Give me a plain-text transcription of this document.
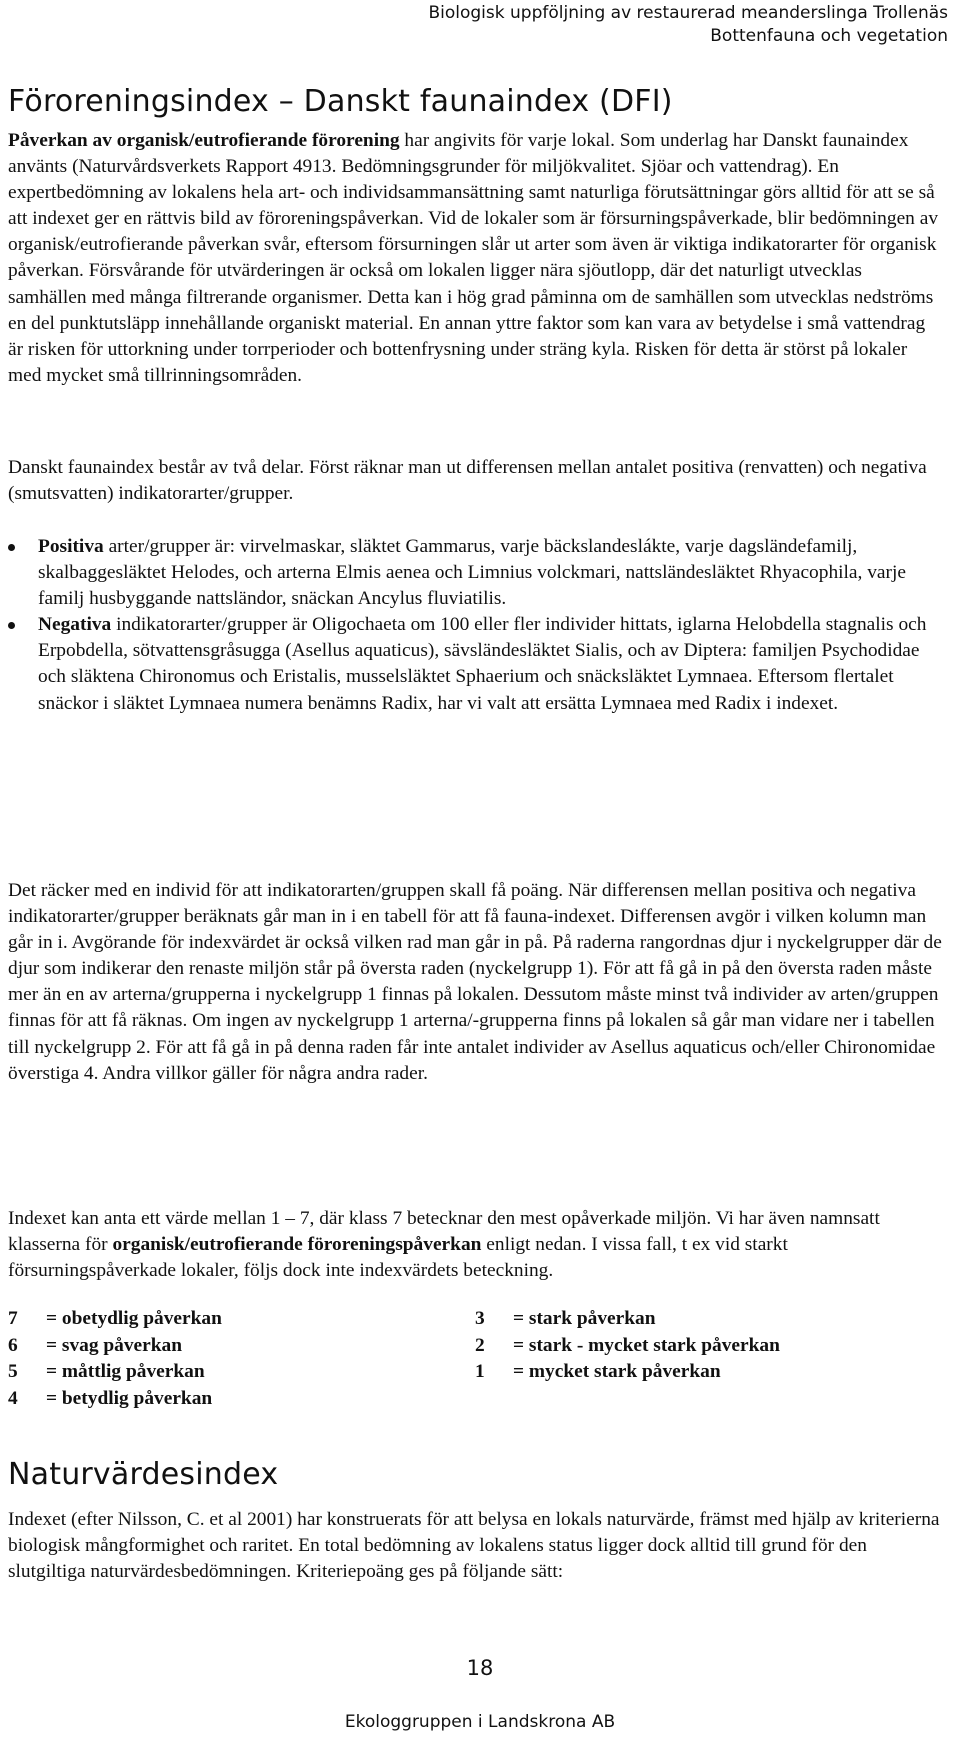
Biologisk uppföljning av restaurerad meanderslinga Trollenäs
Bottenfauna och vegetation
Föroreningsindex – Danskt faunaindex (DFI)

Påverkan av organisk/eutrofierande förorening har angivits för varje lokal. Som underlag har Danskt faunaindex använts (Naturvårdsverkets Rapport 4913. Bedömningsgrunder för miljökvalitet. Sjöar och vattendrag). En expertbedömning av lokalens hela art- och individsammansättning samt naturliga förutsättningar görs alltid för att se så att indexet ger en rättvis bild av föroreningspåverkan. Vid de lokaler som är försurningspåverkade, blir bedömningen av organisk/eutrofierande påverkan svår, eftersom försurningen slår ut arter som även är viktiga indikatorarter för organisk påverkan. Försvårande för utvärderingen är också om lokalen ligger nära sjöutlopp, där det naturligt utvecklas samhällen med många filtrerande organismer. Detta kan i hög grad påminna om de samhällen som utvecklas nedströms en del punktutsläpp innehållande organiskt material. En annan yttre faktor som kan vara av betydelse i små vattendrag är risken för uttorkning under torrperioder och bottenfrysning under sträng kyla. Risken för detta är störst på lokaler med mycket små tillrinningsområden.

Danskt faunaindex består av två delar. Först räknar man ut differensen mellan antalet positiva (renvatten) och negativa (smutsvatten) indikatorarter/grupper.

Positiva arter/grupper är: virvelmaskar, släktet Gammarus, varje bäckslandeslákte, varje dagsländefamilj, skalbaggesläktet Helodes, och arterna Elmis aenea och Limnius volckmari, nattsländesläktet Rhyacophila, varje familj husbyggande nattsländor, snäckan Ancylus fluviatilis.
Negativa indikatorarter/grupper är Oligochaeta om 100 eller fler individer hittats, iglarna Helobdella stagnalis och Erpobdella, sötvattensgråsugga (Asellus aquaticus), sävsländesläktet Sialis, och av Diptera: familjen Psychodidae och släktena Chironomus och Eristalis, musselsläktet Sphaerium och snäcksläktet Lymnaea. Eftersom flertalet snäckor i släktet Lymnaea numera benämns Radix, har vi valt att ersätta Lymnaea med Radix i indexet.

Det räcker med en individ för att indikatorarten/gruppen skall få poäng. När differensen mellan positiva och negativa indikatorarter/grupper beräknats går man in i en tabell för att få fauna-indexet. Differensen avgör i vilken kolumn man går in i. Avgörande för indexvärdet är också vilken rad man går in på. På raderna rangordnas djur i nyckelgrupper där de djur som indikerar den renaste miljön står på översta raden (nyckelgrupp 1). För att få gå in på den översta raden måste mer än en av arterna/grupperna i nyckelgrupp 1 finnas på lokalen. Dessutom måste minst två individer av arten/gruppen finnas för att få räknas. Om ingen av nyckelgrupp 1 arterna/-grupperna finns på lokalen så går man vidare ner i tabellen till nyckelgrupp 2. För att få gå in på denna raden får inte antalet individer av Asellus aquaticus och/eller Chironomidae överstiga 4. Andra villkor gäller för några andra rader.

Indexet kan anta ett värde mellan 1 – 7, där klass 7 betecknar den mest opåverkade miljön. Vi har även namnsatt klasserna för organisk/eutrofierande föroreningspåverkan enligt nedan. I vissa fall, t ex vid starkt försurningspåverkade lokaler, följs dock inte indexvärdets beteckning.

7	= obetydlig påverkan
6	= svag påverkan
5	= måttlig påverkan
4	= betydlig påverkan
3	= stark påverkan
2	= stark - mycket stark påverkan
1	= mycket stark påverkan
Naturvärdesindex

Indexet (efter Nilsson, C. et al 2001) har konstruerats för att belysa en lokals naturvärde, främst med hjälp av kriterierna biologisk mångformighet och raritet. En total bedömning av lokalens status ligger dock alltid till grund för den slutgiltiga naturvärdesbedömningen. Kriteriepoäng ges på följande sätt:

18
Ekologgruppen i Landskrona AB
